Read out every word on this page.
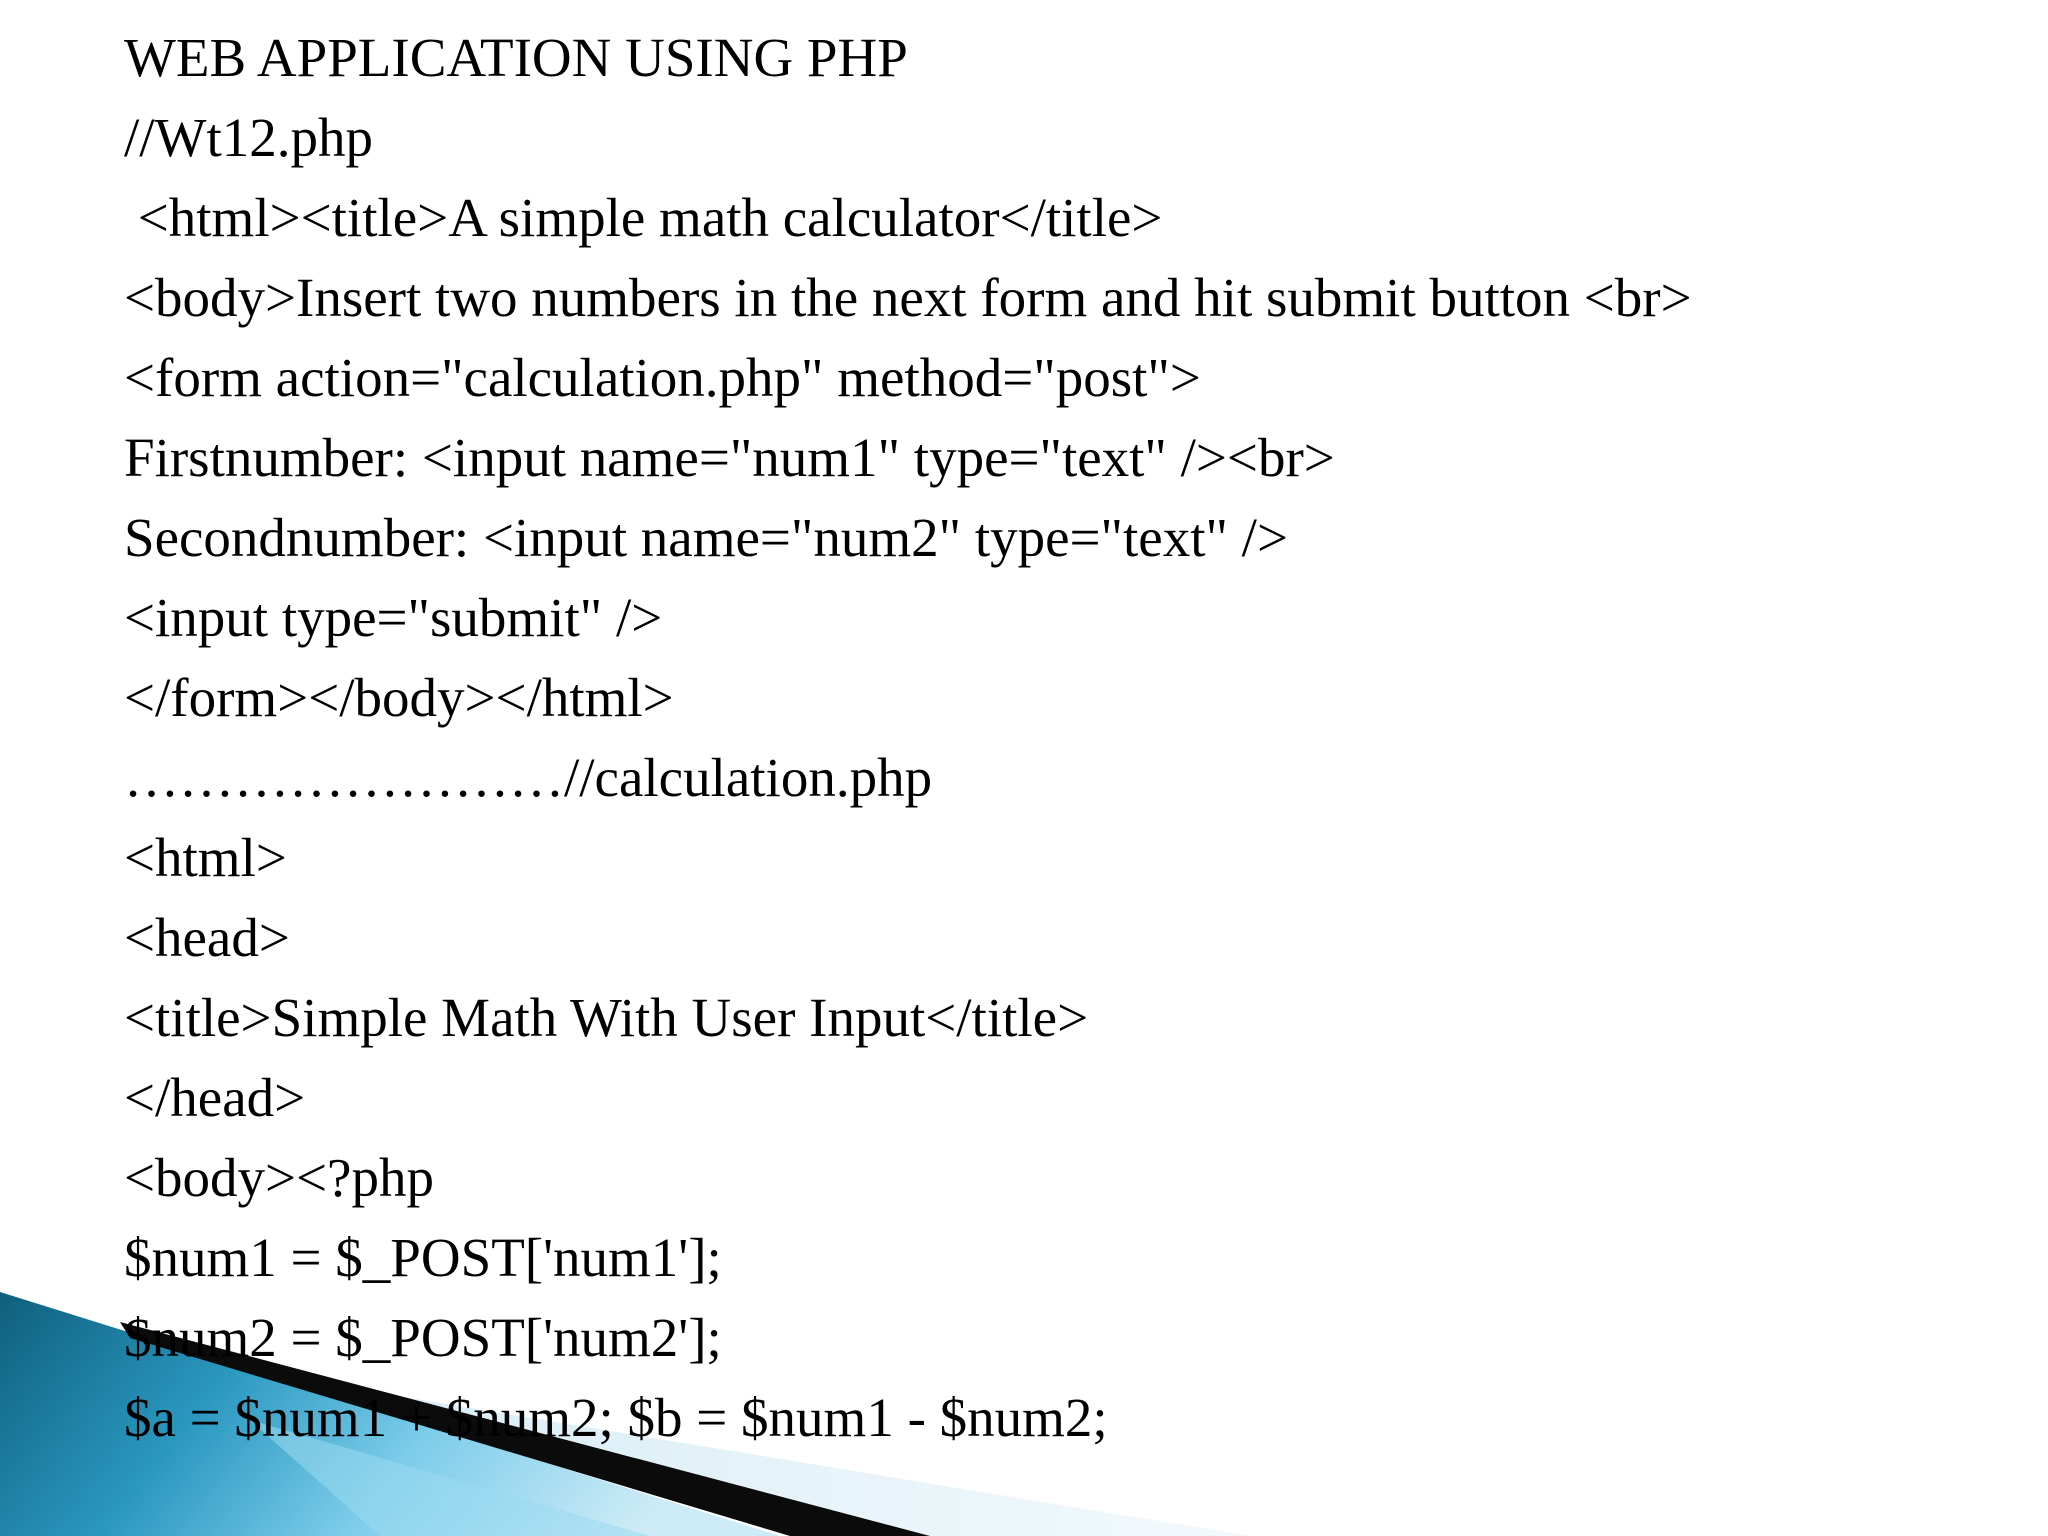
WEB APPLICATION USING PHP
//Wt12.php
<html><title>A simple math calculator</title>
<body>Insert two numbers in the next form and hit submit button <br>
<form action="calculation.php" method="post">
Firstnumber: <input name="num1" type="text" /><br>
Secondnumber: <input name="num2" type="text" />
<input type="submit" />
</form></body></html>
……………………//calculation.php
<html>
<head>
<title>Simple Math With User Input</title>
</head>
<body><?php
$num1 = $_POST['num1'];
$num2 = $_POST['num2'];
$a = $num1 + $num2; $b = $num1 - $num2;
